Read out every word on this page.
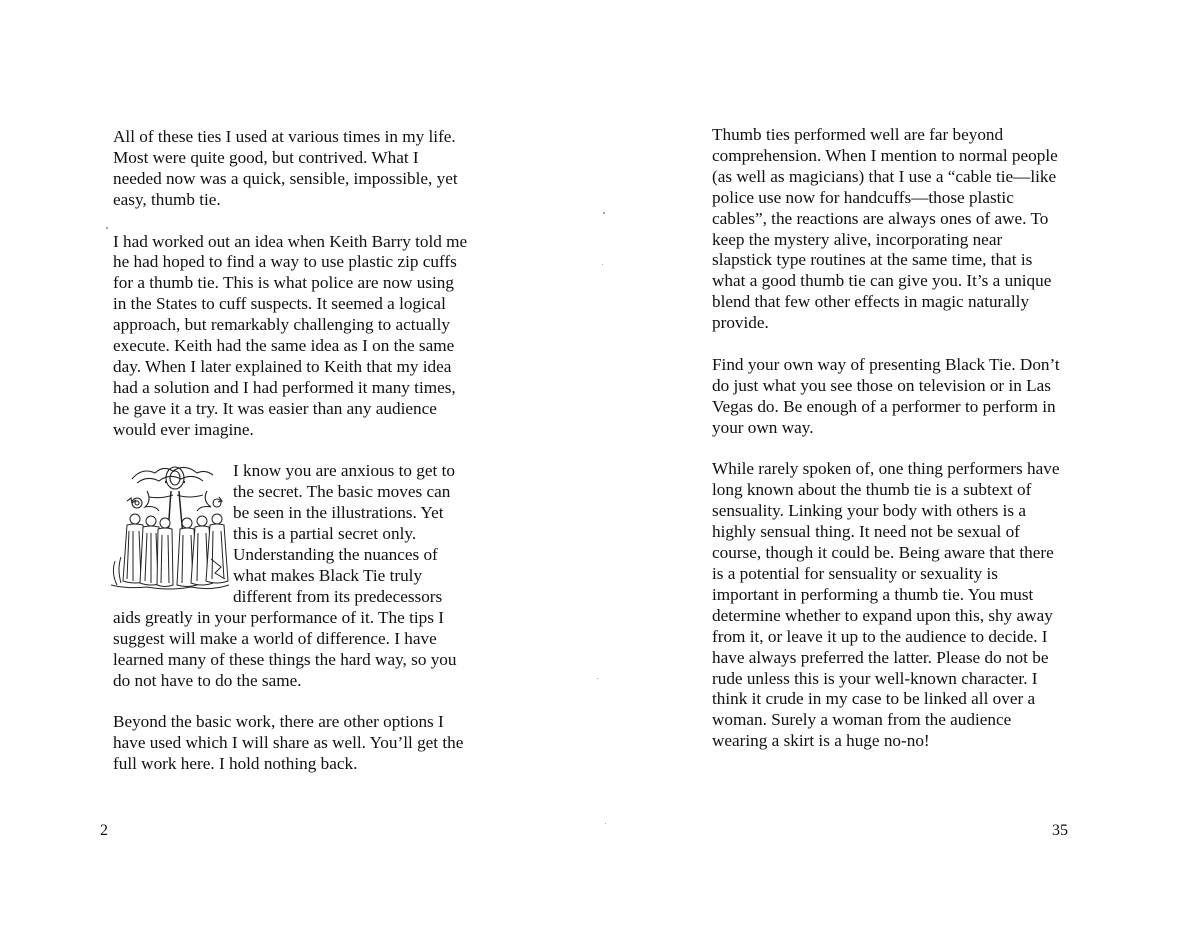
All of these ties I used at various times in my life. Most were quite good, but contrived. What I needed now was a quick, sensible, impossible, yet easy, thumb tie.

I had worked out an idea when Keith Barry told me he had hoped to find a way to use plastic zip cuffs for a thumb tie. This is what police are now using in the States to cuff suspects. It seemed a logical approach, but remarkably challenging to actually execute. Keith had the same idea as I on the same day. When I later explained to Keith that my idea had a solution and I had performed it many times, he gave it a try. It was easier than any audience would ever imagine.

I know you are anxious to get to the secret. The basic moves can be seen in the illustrations. Yet this is a partial secret only. Understanding the nuances of what makes Black Tie truly different from its predecessors aids greatly in your performance of it. The tips I suggest will make a world of difference. I have learned many of these things the hard way, so you do not have to do the same.

Beyond the basic work, there are other options I have used which I will share as well. You’ll get the full work here. I hold nothing back.

2

Thumb ties performed well are far beyond comprehension. When I mention to normal people (as well as magicians) that I use a “cable tie—like police use now for handcuffs—those plastic cables”, the reactions are always ones of awe. To keep the mystery alive, incorporating near slapstick type routines at the same time, that is what a good thumb tie can give you. It’s a unique blend that few other effects in magic naturally provide.

Find your own way of presenting Black Tie. Don’t do just what you see those on television or in Las Vegas do. Be enough of a performer to perform in your own way.

While rarely spoken of, one thing performers have long known about the thumb tie is a subtext of sensuality. Linking your body with others is a highly sensual thing. It need not be sexual of course, though it could be. Being aware that there is a potential for sensuality or sexuality is important in performing a thumb tie. You must determine whether to expand upon this, shy away from it, or leave it up to the audience to decide. I have always preferred the latter. Please do not be rude unless this is your well-known character. I think it crude in my case to be linked all over a woman. Surely a woman from the audience wearing a skirt is a huge no-no!

35
